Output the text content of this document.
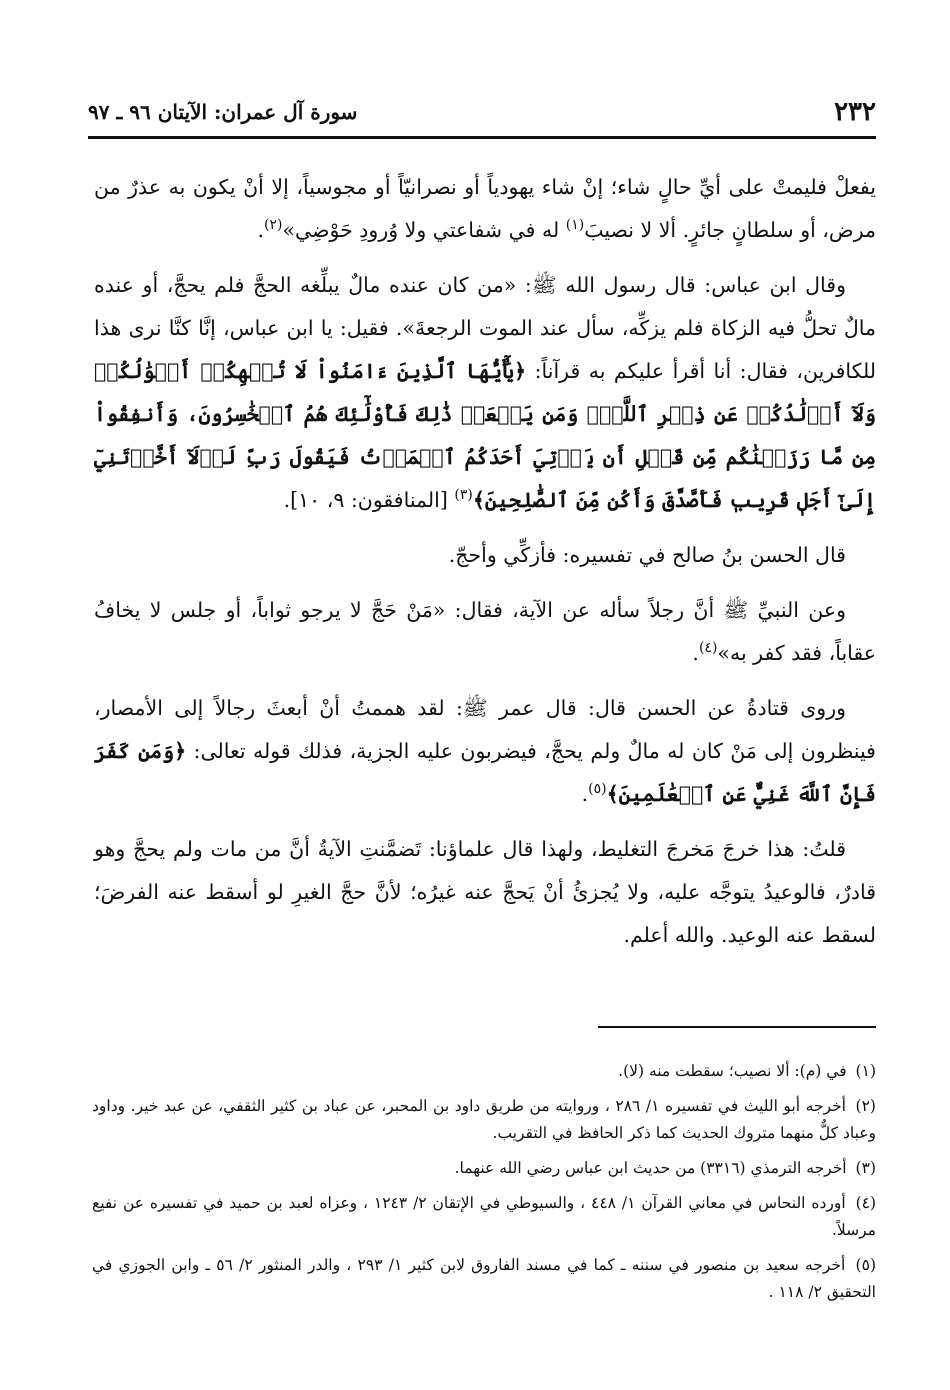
٢٣٢
سورة آل عمران: الآيتان ٩٦ ـ ٩٧

يفعلْ فليمتْ على أيِّ حالٍ شاء؛ إنْ شاء يهودياً أو نصرانيّاً أو مجوسياً، إلا أنْ يكون به عذرٌ من مرض، أو سلطانٍ جائرٍ. ألا لا نصيبَ$^{(١)}$ له في شفاعتي ولا وُرودِ حَوْضِي»$^{(٢)}$.

وقال ابن عباس: قال رسول الله ﷺ: «من كان عنده مالٌ يبلِّغه الحجَّ فلم يحجَّ، أو عنده مالٌ تحلُّ فيه الزكاة فلم يزكِّه، سأل عند الموت الرجعةَ». فقيل: يا ابن عباس، إنَّا كنَّا نرى هذا للكافرين، فقال: أنا أقرأ عليكم به قرآناً: ﴿يَٰٓأَيُّهَا ٱلَّذِينَ ءَامَنُواْ لَا تُلۡهِكُمۡ أَمۡوَٰلُكُمۡ وَلَآ أَوۡلَٰدُكُمۡ عَن ذِكۡرِ ٱللَّهِۚ وَمَن يَفۡعَلۡ ذَٰلِكَ فَأُوْلَٰٓئِكَ هُمُ ٱلۡخَٰسِرُونَ، وَأَنفِقُواْ مِن مَّا رَزَقۡنَٰكُم مِّن قَبۡلِ أَن يَأۡتِيَ أَحَدَكُمُ ٱلۡمَوۡتُ فَيَقُولَ رَبِّ لَوۡلَآ أَخَّرۡتَنِيٓ إِلَىٰٓ أَجَلٖ قَرِيبٖ فَأَصَّدَّقَ وَأَكُن مِّنَ ٱلصَّٰلِحِينَ﴾$^{(٣)}$ [المنافقون: ٩، ١٠].

قال الحسن بنُ صالح في تفسيره: فأزكِّي وأحجّ.

وعن النبيِّ ﷺ أنَّ رجلاً سأله عن الآية، فقال: «مَنْ حَجَّ لا يرجو ثواباً، أو جلس لا يخافُ عقاباً، فقد كفر به»$^{(٤)}$.

وروى قتادةُ عن الحسن قال: قال عمر ﷺ: لقد هممتُ أنْ أبعثَ رجالاً إلى الأمصار، فينظرون إلى مَنْ كان له مالٌ ولم يحجَّ، فيضربون عليه الجزية، فذلك قوله تعالى: ﴿وَمَن كَفَرَ فَإِنَّ ٱللَّهَ غَنِيٌّ عَنِ ٱلۡعَٰلَمِينَ﴾$^{(٥)}$.

قلتُ: هذا خرجَ مَخرجَ التغليط، ولهذا قال علماؤنا: تَضمَّنتِ الآيةُ أنَّ من مات ولم يحجَّ وهو قادرٌ، فالوعيدُ يتوجَّه عليه، ولا يُجزئُ أنْ يَحجَّ عنه غيرُه؛ لأنَّ حجَّ الغيرِ لو أسقط عنه الفرضَ؛ لسقط عنه الوعيد. والله أعلم.

(١) في (م): ألا نصيب؛ سقطت منه (لا).
(٢) أخرجه أبو الليث في تفسيره ١/ ٢٨٦ ، وروايته من طريق داود بن المحبر، عن عباد بن كثير الثقفي، عن عبد خير. وداود وعباد كلٌّ منهما متروك الحديث كما ذكر الحافظ في التقريب.
(٣) أخرجه الترمذي (٣٣١٦) من حديث ابن عباس رضي الله عنهما.
(٤) أورده النحاس في معاني القرآن ١/ ٤٤٨ ، والسيوطي في الإتقان ٢/ ١٢٤٣ ، وعزاه لعبد بن حميد في تفسيره عن نفيع مرسلاً.
(٥) أخرجه سعيد بن منصور في سننه ـ كما في مسند الفاروق لابن كثير ١/ ٢٩٣ ، والدر المنثور ٢/ ٥٦ ـ وابن الجوزي في التحقيق ٢/ ١١٨ .
